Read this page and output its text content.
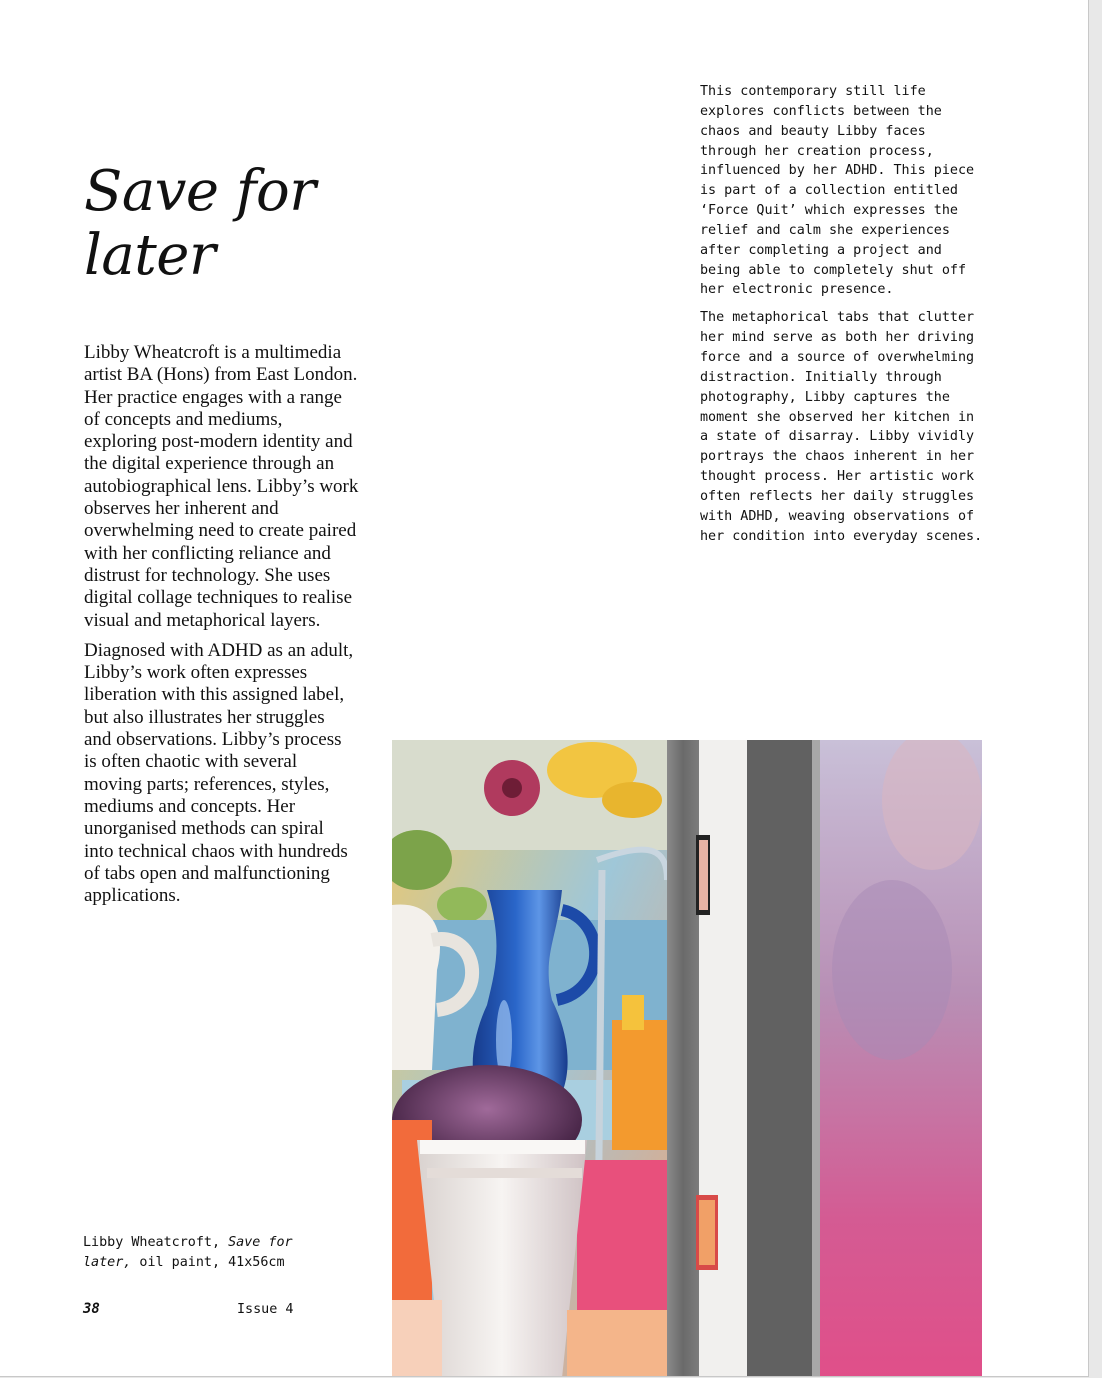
Save for later

Libby Wheatcroft is a multimedia artist BA (Hons) from East London. Her practice engages with a range of concepts and mediums, exploring post-modern identity and the digital experience through an autobiographical lens. Libby’s work observes her inherent and overwhelming need to create paired with her conflicting reliance and distrust for technology. She uses digital collage techniques to realise visual and metaphorical layers.

Diagnosed with ADHD as an adult, Libby’s work often expresses liberation with this assigned label, but also illustrates her struggles and observations. Libby’s process is often chaotic with several moving parts; references, styles, mediums and concepts. Her unorganised methods can spiral into technical chaos with hundreds of tabs open and malfunctioning applications.

This contemporary still life explores conflicts between the chaos and beauty Libby faces through her creation process, influenced by her ADHD. This piece is part of a collection entitled ‘Force Quit’ which expresses the relief and calm she experiences after completing a project and being able to completely shut off her electronic presence.

The metaphorical tabs that clutter her mind serve as both her driving force and a source of overwhelming distraction. Initially through photography, Libby captures the moment she observed her kitchen in a state of disarray. Libby vividly portrays the chaos inherent in her thought process. Her artistic work often reflects her daily struggles with ADHD, weaving observations of her condition into everyday scenes.

Libby Wheatcroft, Save for later, oil paint, 41x56cm
38	Issue 4
